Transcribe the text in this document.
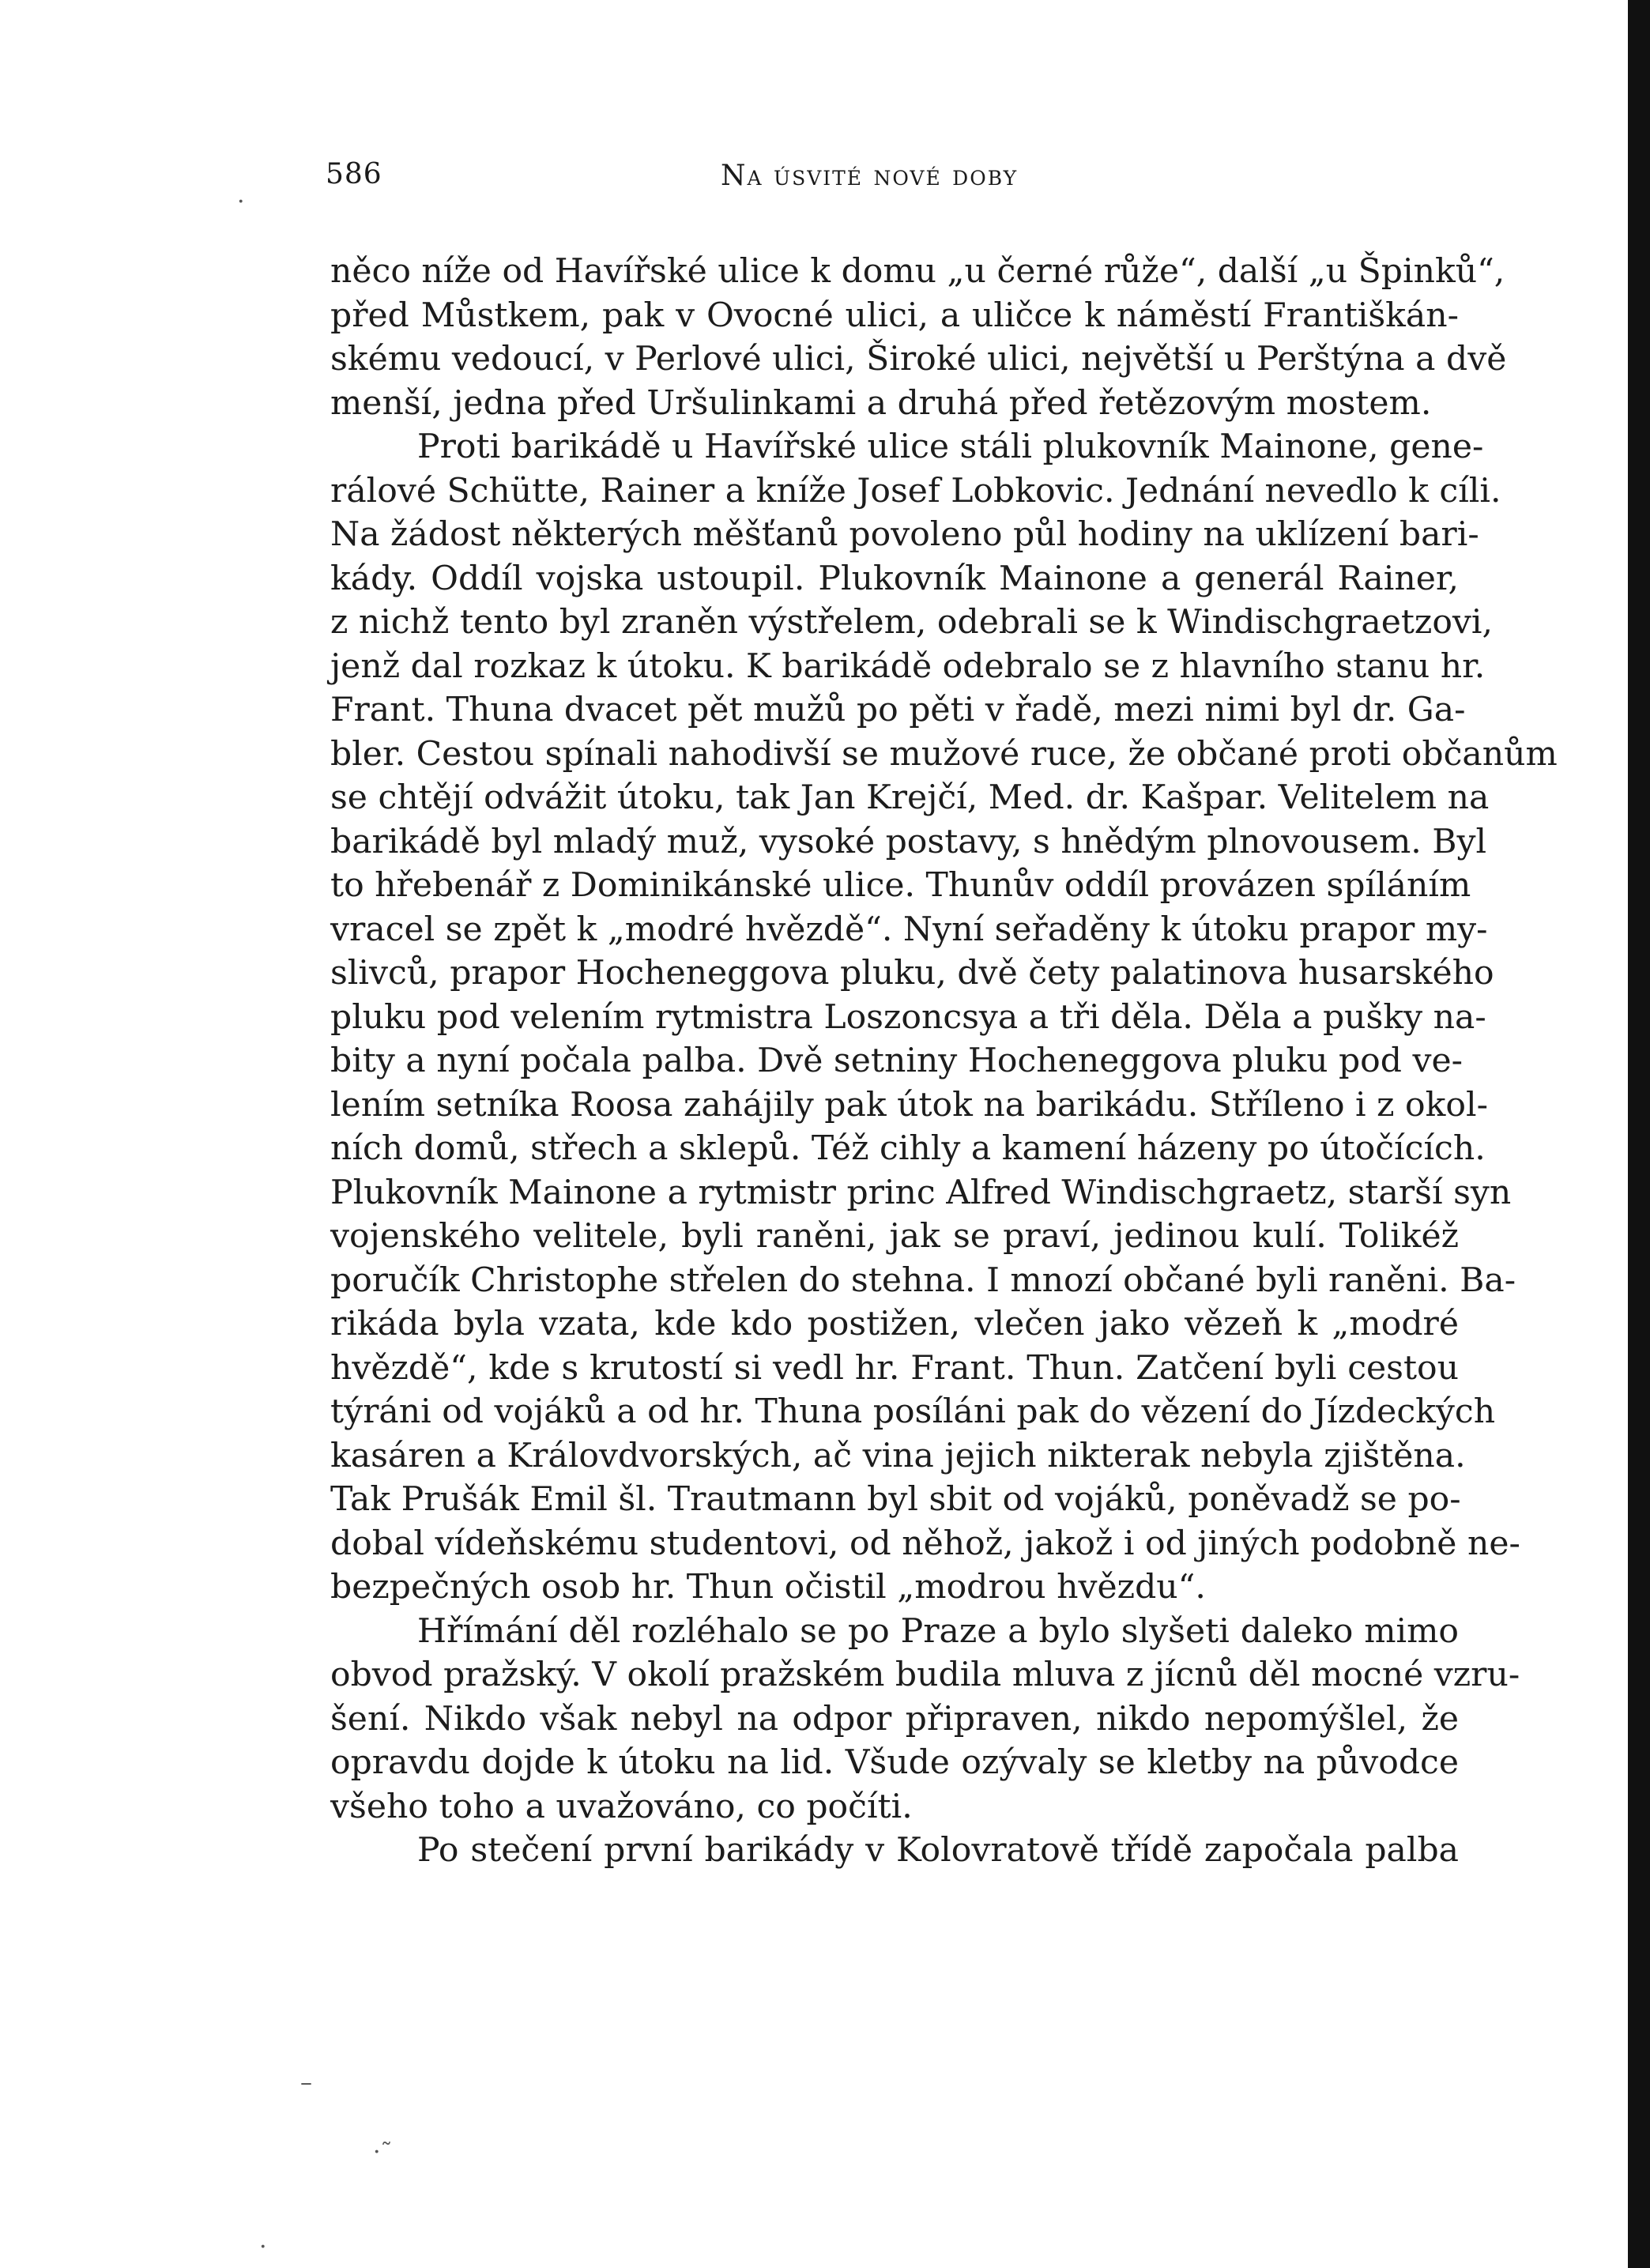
586	Na úsvité nové doby
něco níže od Havířské ulice k domu „u černé růže“, další „u Špinků“,
před Můstkem, pak v Ovocné ulici, a uličce k náměstí Františkán-
skému vedoucí, v Perlové ulici, Široké ulici, největší u Perštýna a dvě
menší, jedna před Uršulinkami a druhá před řetězovým mostem.
Proti barikádě u Havířské ulice stáli plukovník Mainone, gene-
rálové Schütte, Rainer a kníže Josef Lobkovic. Jednání nevedlo k cíli.
Na žádost některých měšťanů povoleno půl hodiny na uklízení bari-
kády. Oddíl vojska ustoupil. Plukovník Mainone a generál Rainer,
z nichž tento byl zraněn výstřelem, odebrali se k Windischgraetzovi,
jenž dal rozkaz k útoku. K barikádě odebralo se z hlavního stanu hr.
Frant. Thuna dvacet pět mužů po pěti v řadě, mezi nimi byl dr. Ga-
bler. Cestou spínali nahodivší se mužové ruce, že občané proti občanům
se chtějí odvážit útoku, tak Jan Krejčí, Med. dr. Kašpar. Velitelem na
barikádě byl mladý muž, vysoké postavy, s hnědým plnovousem. Byl
to hřebenář z Dominikánské ulice. Thunův oddíl provázen spíláním
vracel se zpět k „modré hvězdě“. Nyní seřaděny k útoku prapor my-
slivců, prapor Hocheneggova pluku, dvě čety palatinova husarského
pluku pod velením rytmistra Loszoncsya a tři děla. Děla a pušky na-
bity a nyní počala palba. Dvě setniny Hocheneggova pluku pod ve-
lením setníka Roosa zahájily pak útok na barikádu. Stříleno i z okol-
ních domů, střech a sklepů. Též cihly a kamení házeny po útočících.
Plukovník Mainone a rytmistr princ Alfred Windischgraetz, starší syn
vojenského velitele, byli raněni, jak se praví, jedinou kulí. Tolikéž
poručík Christophe střelen do stehna. I mnozí občané byli raněni. Ba-
rikáda byla vzata, kde kdo postižen, vlečen jako vězeň k „modré
hvězdě“, kde s krutostí si vedl hr. Frant. Thun. Zatčení byli cestou
týráni od vojáků a od hr. Thuna posíláni pak do vězení do Jízdeckých
kasáren a Královdvorských, ač vina jejich nikterak nebyla zjištěna.
Tak Prušák Emil šl. Trautmann byl sbit od vojáků, poněvadž se po-
dobal vídeňskému studentovi, od něhož, jakož i od jiných podobně ne-
bezpečných osob hr. Thun očistil „modrou hvězdu“.
Hřímání děl rozléhalo se po Praze a bylo slyšeti daleko mimo
obvod pražský. V okolí pražském budila mluva z jícnů děl mocné vzru-
šení. Nikdo však nebyl na odpor připraven, nikdo nepomýšlel, že
opravdu dojde k útoku na lid. Všude ozývaly se kletby na původce
všeho toho a uvažováno, co počíti.
Po stečení první barikády v Kolovratově třídě započala palba
·
–
·˜
·
